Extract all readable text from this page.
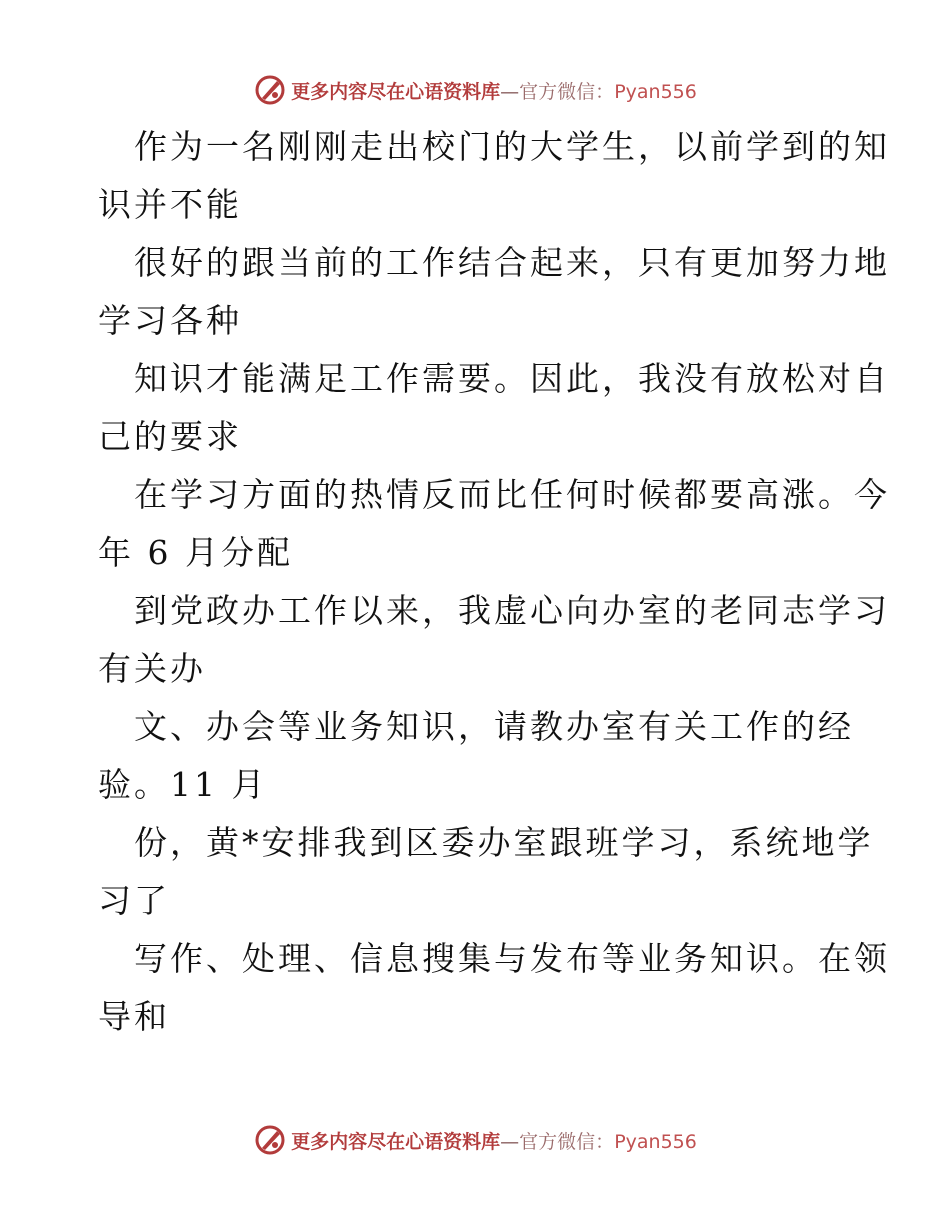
更多内容尽在心语资料库—官方微信：Pyan556
作为一名刚刚走出校门的大学生，以前学到的知
识并不能
很好的跟当前的工作结合起来，只有更加努力地
学习各种
知识才能满足工作需要。因此，我没有放松对自
己的要求
在学习方面的热情反而比任何时候都要高涨。今
年 6 月分配
到党政办工作以来，我虚心向办室的老同志学习
有关办
文、办会等业务知识，请教办室有关工作的经
验。11 月
份，黄*安排我到区委办室跟班学习，系统地学
习了
写作、处理、信息搜集与发布等业务知识。在领
导和
更多内容尽在心语资料库—官方微信：Pyan556
